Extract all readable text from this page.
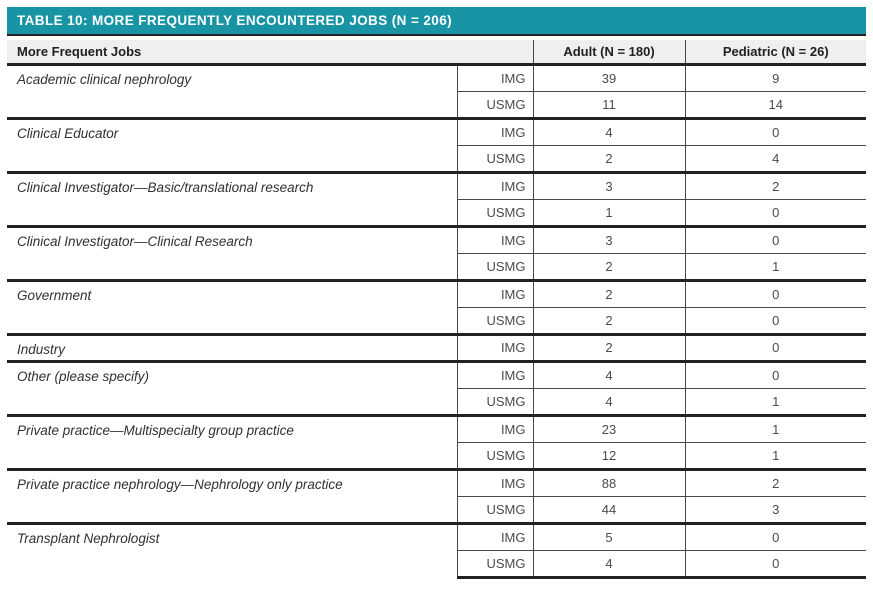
TABLE 10: MORE FREQUENTLY ENCOUNTERED JOBS (N = 206)
More Frequent Jobs		Adult (N = 180)	Pediatric (N = 26)
Academic clinical nephrology	IMG	39	9
	USMG	11	14
Clinical Educator	IMG	4	0
	USMG	2	4
Clinical Investigator—Basic/translational research	IMG	3	2
	USMG	1	0
Clinical Investigator—Clinical Research	IMG	3	0
	USMG	2	1
Government	IMG	2	0
	USMG	2	0
Industry	IMG	2	0
Other (please specify)	IMG	4	0
	USMG	4	1
Private practice—Multispecialty group practice	IMG	23	1
	USMG	12	1
Private practice nephrology—Nephrology only practice	IMG	88	2
	USMG	44	3
Transplant Nephrologist	IMG	5	0
	USMG	4	0
